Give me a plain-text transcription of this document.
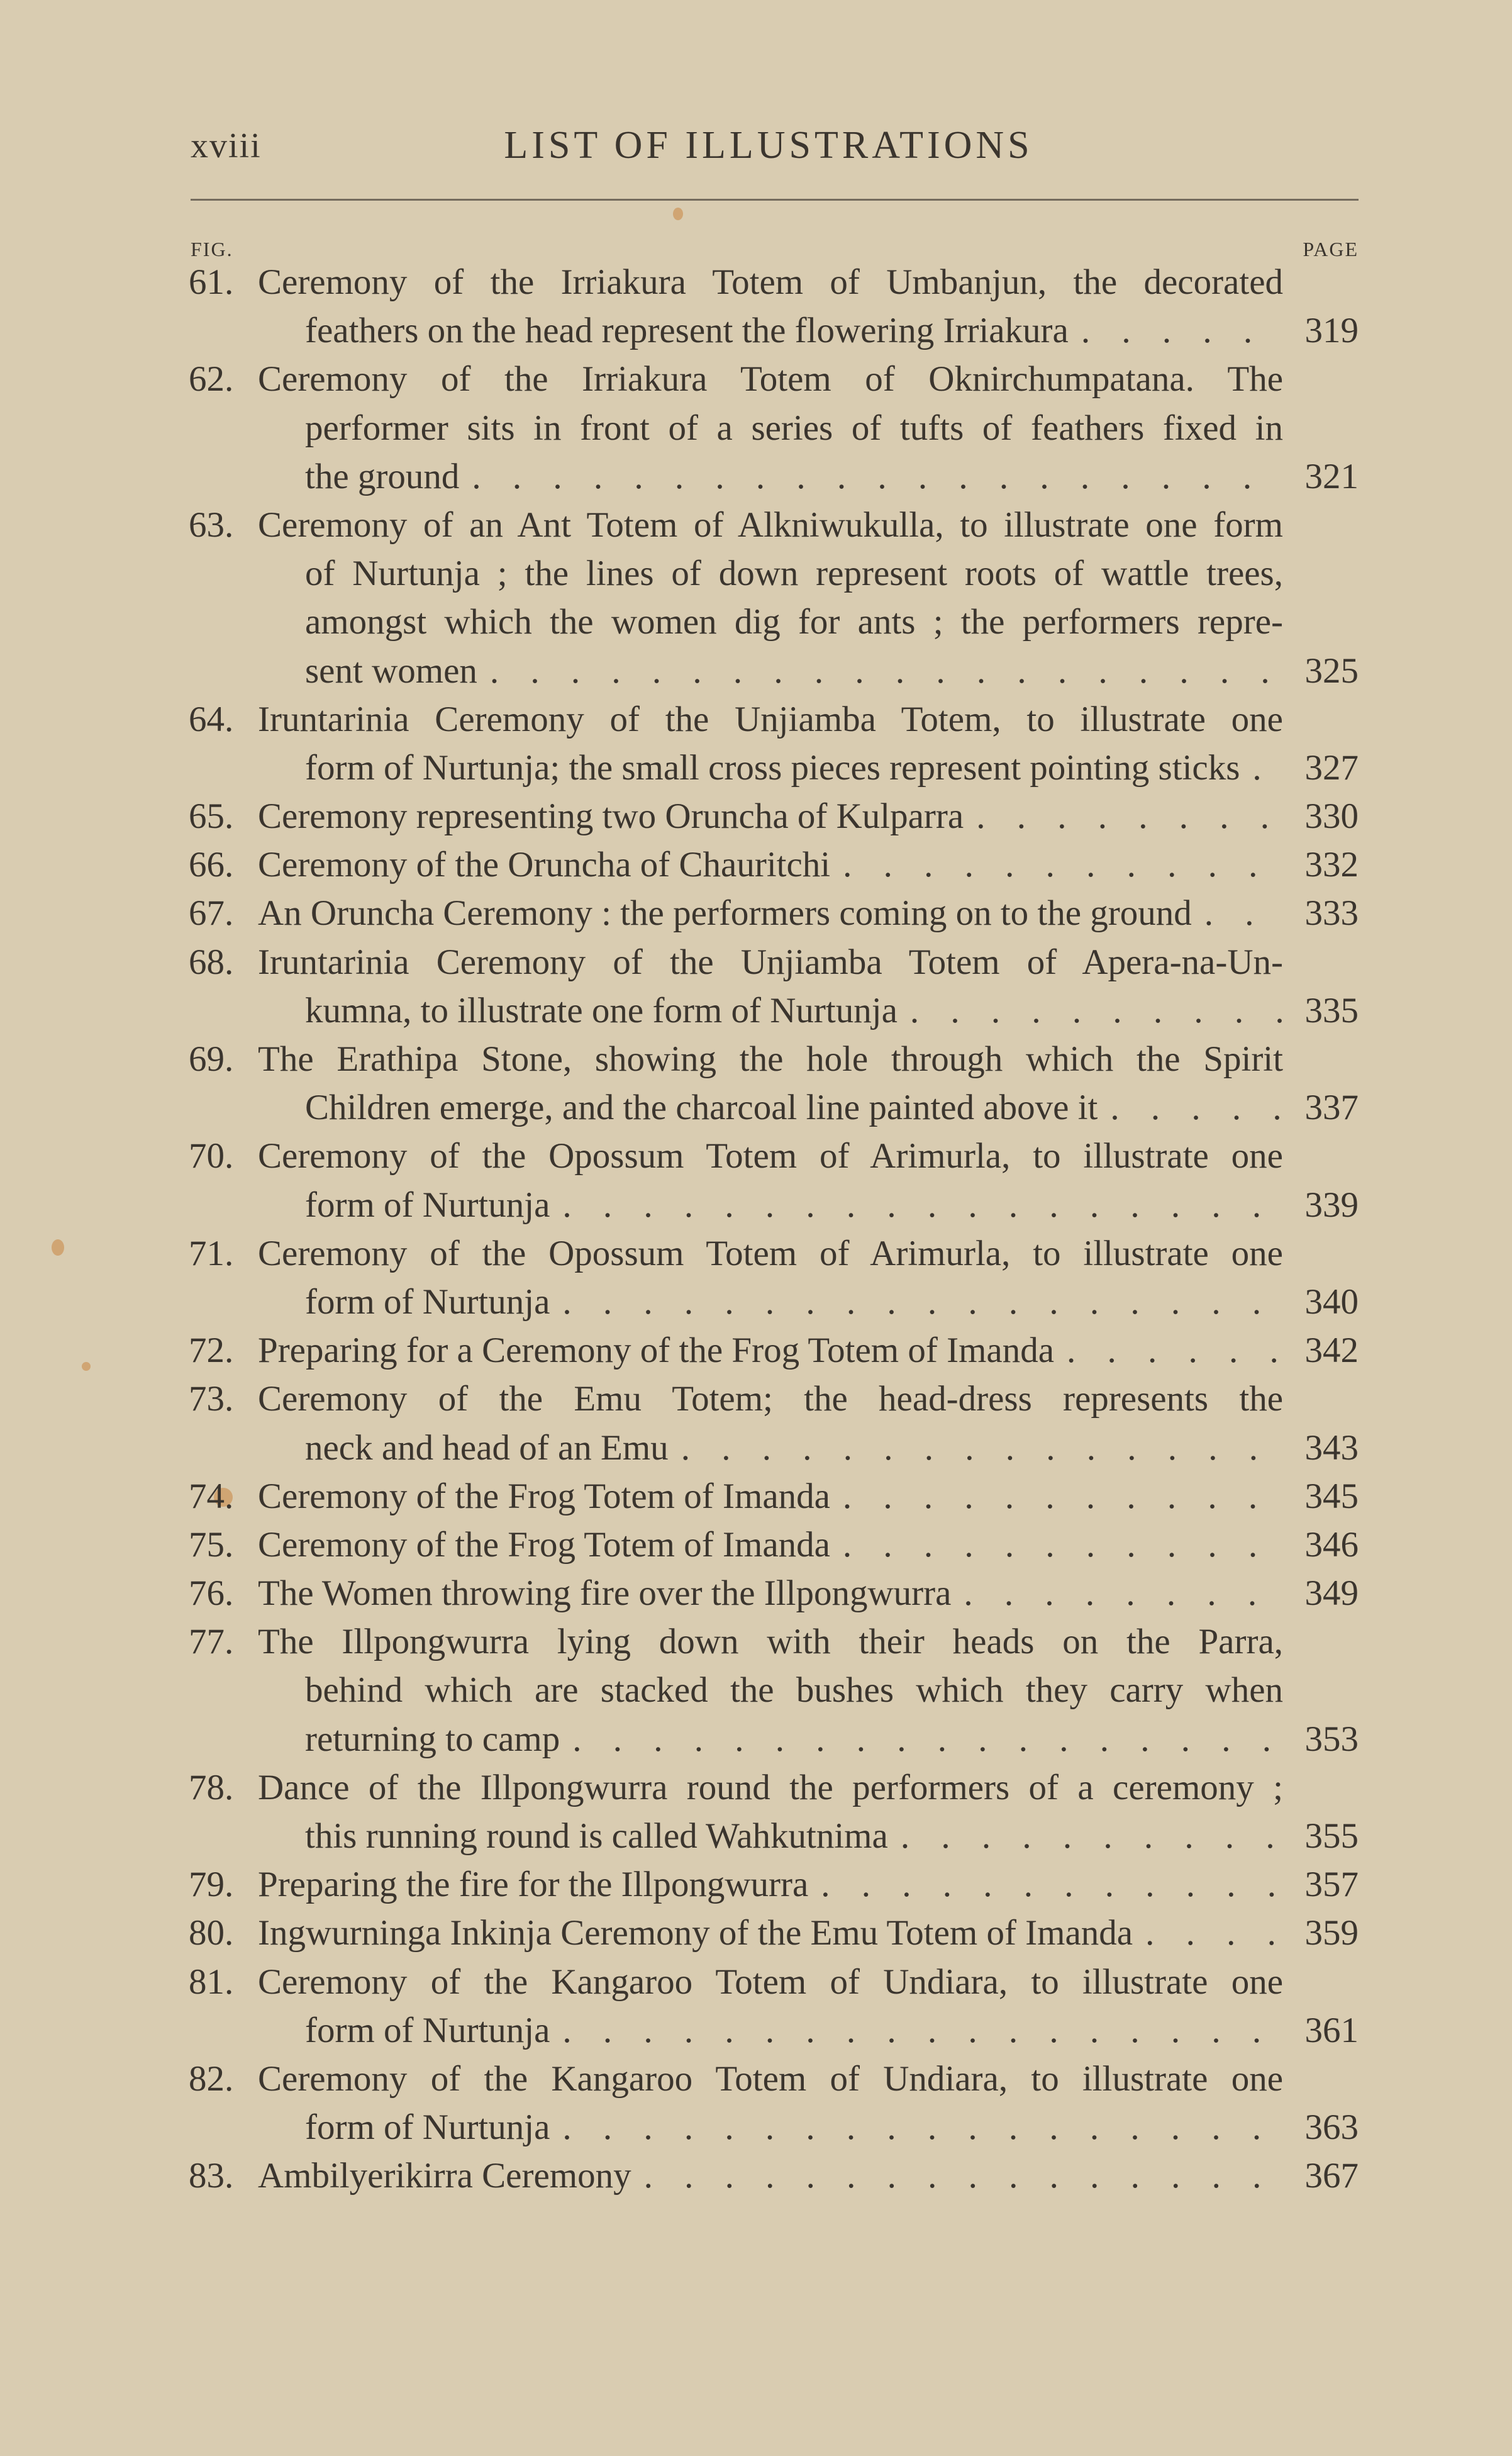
xviii	LIST OF ILLUSTRATIONS
FIG.	PAGE
61. Ceremony of the Irriakura Totem of Umbanjun, the decorated
feathers on the head represent the flowering Irriakura . . .	319
62. Ceremony of the Irriakura Totem of Oknirchumpatana. The
performer sits in front of a series of tufts of feathers fixed in
the ground . . .	321
63. Ceremony of an Ant Totem of Alkniwukulla, to illustrate one form
of Nurtunja ; the lines of down represent roots of wattle trees,
amongst which the women dig for ants ; the performers repre-
sent women . . .	325
64. Iruntarinia Ceremony of the Unjiamba Totem, to illustrate one
form of Nurtunja; the small cross pieces represent pointing sticks . . .	327
65. Ceremony representing two Oruncha of Kulparra . . .	330
66. Ceremony of the Oruncha of Chauritchi . . .	332
67. An Oruncha Ceremony : the performers coming on to the ground . . .	333
68. Iruntarinia Ceremony of the Unjiamba Totem of Apera-na-Un-
kumna, to illustrate one form of Nurtunja . . .	335
69. The Erathipa Stone, showing the hole through which the Spirit
Children emerge, and the charcoal line painted above it . . .	337
70. Ceremony of the Opossum Totem of Arimurla, to illustrate one
form of Nurtunja . . .	339
71. Ceremony of the Opossum Totem of Arimurla, to illustrate one
form of Nurtunja . . .	340
72. Preparing for a Ceremony of the Frog Totem of Imanda . . .	342
73. Ceremony of the Emu Totem; the head-dress represents the
neck and head of an Emu . . .	343
74. Ceremony of the Frog Totem of Imanda . . .	345
75. Ceremony of the Frog Totem of Imanda . . .	346
76. The Women throwing fire over the Illpongwurra . . .	349
77. The Illpongwurra lying down with their heads on the Parra,
behind which are stacked the bushes which they carry when
returning to camp . . .	353
78. Dance of the Illpongwurra round the performers of a ceremony ;
this running round is called Wahkutnima . . .	355
79. Preparing the fire for the Illpongwurra . . .	357
80. Ingwurninga Inkinja Ceremony of the Emu Totem of Imanda . . .	359
81. Ceremony of the Kangaroo Totem of Undiara, to illustrate one
form of Nurtunja . . .	361
82. Ceremony of the Kangaroo Totem of Undiara, to illustrate one
form of Nurtunja . . .	363
83. Ambilyerikirra Ceremony . . .	367
